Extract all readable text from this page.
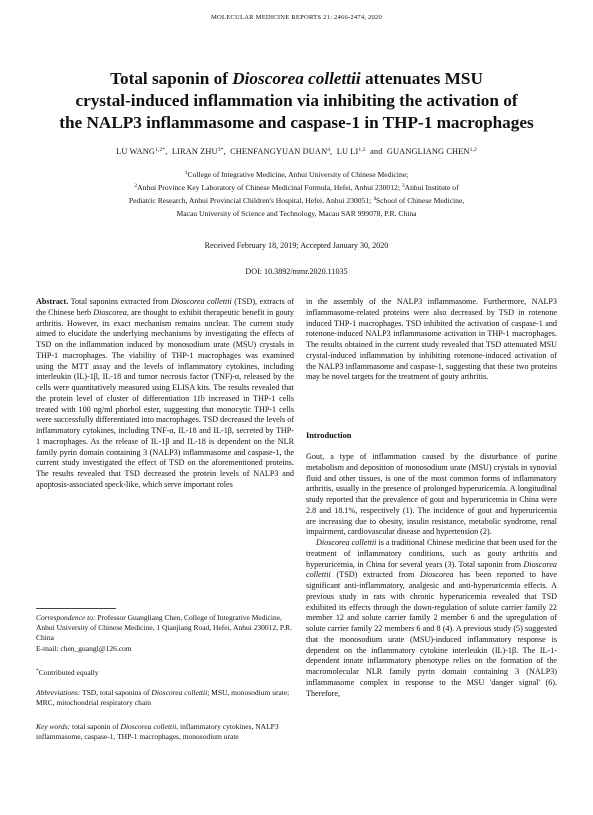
MOLECULAR MEDICINE REPORTS 21: 2466-2474, 2020
Total saponin of Dioscorea collettii attenuates MSU
crystal-induced inflammation via inhibiting the activation of
the NALP3 inflammasome and caspase-1 in THP-1 macrophages
LU $WANG^{1,2*}$,  LIRAN $ZHU^{3*}$,  CHENFANGYUAN DUAN$^4$,  LU LI$^{1,2}$  and  GUANGLIANG CHEN$^{1,2}$
$^1$College of Integrative Medicine, Anhui University of Chinese Medicine;
$^2$Anhui Province Key Laboratory of Chinese Medicinal Formula, Hefei, Anhui 230012; $^3$Anhui Institute of
Pediatric Research, Anhui Provincial Children's Hospital, Hefei, Anhui 230051; $^4$School of Chinese Medicine,
Macau University of Science and Technology, Macau SAR 999078, P.R. China
Received February 18, 2019; Accepted January 30, 2020
DOI: 10.3892/mmr.2020.11035

Abstract. Total saponins extracted from Dioscorea collettii (TSD), extracts of the Chinese herb Dioscorea, are thought to exhibit therapeutic benefit in gouty arthritis. However, its exact mechanism remains unclear. The current study aimed to elucidate the underlying mechanisms by investigating the effects of TSD on the inflammation induced by monosodium urate (MSU) crystals in THP-1 macrophages. The viability of THP-1 macrophages was examined using the MTT assay and the levels of inflammatory cytokines, including interleukin (IL)-1β, IL-18 and tumor necrosis factor (TNF)-α, released by the cells were quantitatively measured using ELISA kits. The results revealed that the protein level of cluster of differentiation 11b increased in THP-1 cells treated with 100 ng/ml phorbol ester, suggesting that monocytic THP-1 cells were successfully differentiated into macrophages. TSD decreased the levels of inflammatory cytokines, including TNF-α, IL-18 and IL-1β, secreted by THP-1 macrophages. As the release of IL-1β and IL-18 is dependent on the NLR family pyrin domain containing 3 (NALP3) inflammasome and caspase-1, the current study investigated the effect of TSD on the aforementioned proteins. The results revealed that TSD decreased the protein levels of NALP3 and apoptosis-associated speck-like, which serve important roles

Correspondence to: Professor Guangliang Chen, College of Integrative Medicine, Anhui University of Chinese Medicine, 1 Qianjiang Road, Hefei, Anhui 230012, P.R. China

E-mail: chen_guangl@126.com

*Contributed equally

Abbreviations: TSD, total saponins of Dioscorea collettii; MSU, monosodium urate; MRC, mitochondrial respiratory chain

Key words: total saponin of Dioscorea collettii, inflammatory cytokines, NALP3 inflammasome, caspase-1, THP-1 macrophages, monosodium urate

in the assembly of the NALP3 inflammasome. Furthermore, NALP3 inflammasome-related proteins were also decreased by TSD in rotenone induced THP-1 macrophages. TSD inhibited the activation of caspase-1 and rotenone-induced NALP3 inflammasome activation in THP-1 macrophages. The results obtained in the current study revealed that TSD attenuated MSU crystal-induced inflammation by inhibiting rotenone-induced activation of the NALP3 inflammasome and caspase-1, suggesting that these two proteins may be novel targets for the treatment of gouty arthritis.

Introduction

Gout, a type of inflammation caused by the disturbance of purine metabolism and deposition of monosodium urate (MSU) crystals in synovial fluid and other tissues, is one of the most common forms of inflammatory arthritis, usually in the presence of prolonged hyperuricemia. A longitudinal study reported that the prevalence of gout and hyperuricemia in China were 2.8 and 18.1%, respectively (1). The incidence of gout and hyperuricemia are increasing due to obesity, insulin resistance, metabolic syndrome, renal impairment, cardiovascular disease and hypertension (2).

Dioscorea collettii is a traditional Chinese medicine that been used for the treatment of inflammatory conditions, such as gouty arthritis and hyperuricemia, in China for several years (3). Total saponin from Dioscorea collettii (TSD) extracted from Dioscorea has been reported to have significant anti-inflammatory, analgesic and anti-hyperuricemia effects. A previous study in rats with chronic hyperuricemia revealed that TSD exhibited its effects through the down-regulation of solute carrier family 22 member 12 and solute carrier family 2 member 6 and the upregulation of solute carrier family 22 members 6 and 8 (4). A previous study (5) suggested that the monosodium urate (MSU)-induced inflammatory response is dependent on the inflammatory cytokine interleukin (IL)-1β. The IL-1-dependent innate inflammatory phenotype relies on the formation of the macromolecular NLR family pyrin domain containing 3 (NALP3) inflammasome complex in response to the MSU 'danger signal' (6). Therefore,
